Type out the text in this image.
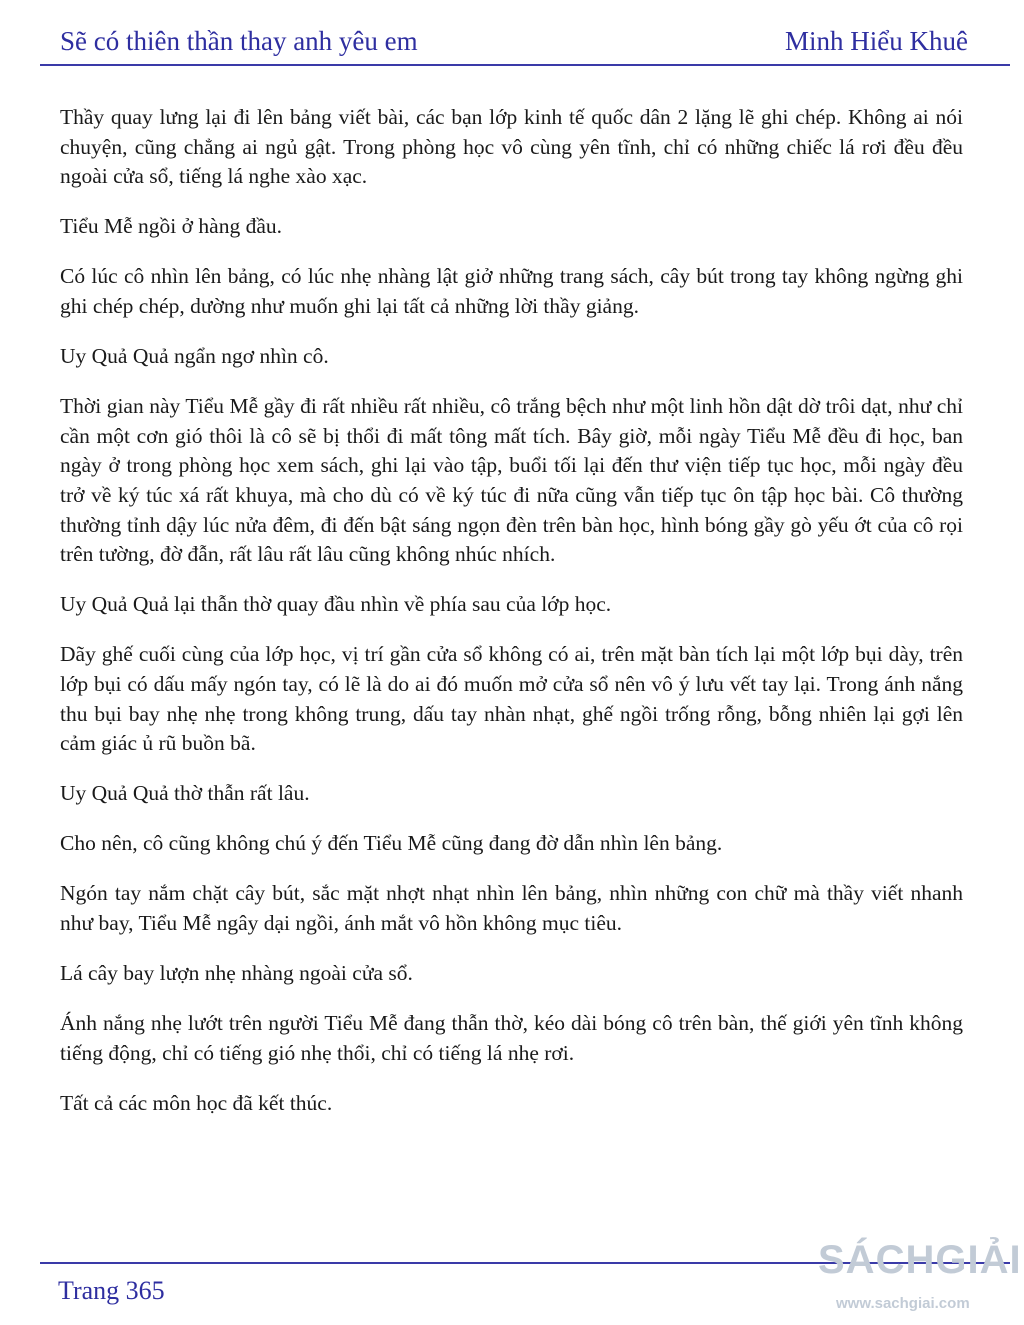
Sẽ có thiên thần thay anh yêu em	Minh Hiểu Khuê

Thầy quay lưng lại đi lên bảng viết bài, các bạn lớp kinh tế quốc dân 2 lặng lẽ ghi chép. Không ai nói chuyện, cũng chẳng ai ngủ gật. Trong phòng học vô cùng yên tĩnh, chỉ có những chiếc lá rơi đều đều ngoài cửa sổ, tiếng lá nghe xào xạc.

Tiểu Mễ ngồi ở hàng đầu.

Có lúc cô nhìn lên bảng, có lúc nhẹ nhàng lật giở những trang sách, cây bút trong tay không ngừng ghi ghi chép chép, dường như muốn ghi lại tất cả những lời thầy giảng.

Uy Quả Quả ngẩn ngơ nhìn cô.

Thời gian này Tiểu Mễ gầy đi rất nhiều rất nhiều, cô trắng bệch như một linh hồn dật dờ trôi dạt, như chỉ cần một cơn gió thôi là cô sẽ bị thổi đi mất tông mất tích. Bây giờ, mỗi ngày Tiểu Mễ đều đi học, ban ngày ở trong phòng học xem sách, ghi lại vào tập, buổi tối lại đến thư viện tiếp tục học, mỗi ngày đều trở về ký túc xá rất khuya, mà cho dù có về ký túc đi nữa cũng vẫn tiếp tục ôn tập học bài. Cô thường thường tỉnh dậy lúc nửa đêm, đi đến bật sáng ngọn đèn trên bàn học, hình bóng gầy gò yếu ớt của cô rọi trên tường, đờ đẫn, rất lâu rất lâu cũng không nhúc nhích.

Uy Quả Quả lại thẫn thờ quay đầu nhìn về phía sau của lớp học.

Dãy ghế cuối cùng của lớp học, vị trí gần cửa sổ không có ai, trên mặt bàn tích lại một lớp bụi dày, trên lớp bụi có dấu mấy ngón tay, có lẽ là do ai đó muốn mở cửa sổ nên vô ý lưu vết tay lại. Trong ánh nắng thu bụi bay nhẹ nhẹ trong không trung, dấu tay nhàn nhạt, ghế ngồi trống rỗng, bỗng nhiên lại gợi lên cảm giác ủ rũ buồn bã.

Uy Quả Quả thờ thẫn rất lâu.

Cho nên, cô cũng không chú ý đến Tiểu Mễ cũng đang đờ dẫn nhìn lên bảng.

Ngón tay nắm chặt cây bút, sắc mặt nhợt nhạt nhìn lên bảng, nhìn những con chữ mà thầy viết nhanh như bay, Tiểu Mễ ngây dại ngồi, ánh mắt vô hồn không mục tiêu.

Lá cây bay lượn nhẹ nhàng ngoài cửa sổ.

Ánh nắng nhẹ lướt trên người Tiểu Mễ đang thẫn thờ, kéo dài bóng cô trên bàn, thế giới yên tĩnh không tiếng động, chỉ có tiếng gió nhẹ thổi, chỉ có tiếng lá nhẹ rơi.

Tất cả các môn học đã kết thúc.

Trang 365
SÁCHGIẢI
www.sachgiai.com
